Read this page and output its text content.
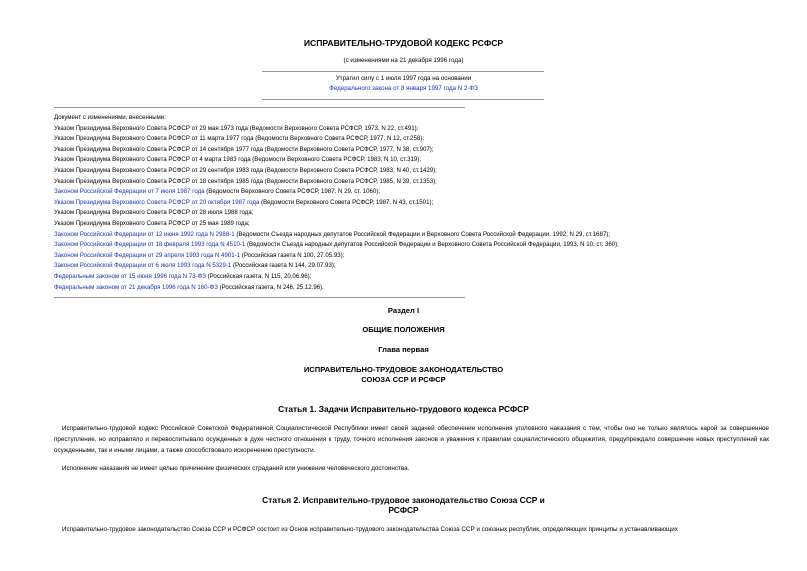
ИСПРАВИТЕЛЬНО-ТРУДОВОЙ КОДЕКС РСФСР
(с изменениями на 21 декабря 1996 года)
Утратил силу с 1 июля 1997 года на основании
Федерального закона от 8 января 1997 года N 2-ФЗ
Документ с изменениями, внесенными:
Указом Президиума Верховного Совета РСФСР от 29 мая 1973 года (Ведомости Верховного Совета РСФСР, 1973, N 22, ст.491);
Указом Президиума Верховного Совета РСФСР от 11 марта 1977 года (Ведомости Верховного Совета РСФСР, 1977, N 12, ст.258);
Указом Президиума Верховного Совета РСФСР от 14 сентября 1977 года (Ведомости Верховного Совета РСФСР, 1977, N 38, ст.907);
Указом Президиума Верховного Совета РСФСР от 4 марта 1983 года (Ведомости Верховного Совета РСФСР, 1983, N 10, ст.319);
Указом Президиума Верховного Совета РСФСР от 29 сентября 1983 года (Ведомости Верховного Совета РСФСР, 1983, N 40, ст.1429);
Указом Президиума Верховного Совета РСФСР от 18 сентября 1985 года (Ведомости Верховного Совета РСФСР, 1985, N 39, ст.1353);
Законом Российской Федерации от 7 июля 1987 года (Ведомости Верховного Совета РСФСР, 1987, N 29, ст. 1060);
Указом Президиума Верховного Совета РСФСР от 20 октября 1987 года (Ведомости Верховного Совета РСФСР, 1987, N 43, ст.1501);
Указом Президиума Верховного Совета РСФСР от 28 июля 1988 года;
Указом Президиума Верховного Совета РСФСР от 25 мая 1989 года;
Законом Российской Федерации от 12 июня 1992 года N 2988-1 (Ведомости Съезда народных депутатов Российской Федерации и Верховного Совета Российской Федерации, 1992, N 29, ст.1687);
Законом Российской Федерации от 18 февраля 1993 года N 4510-1 (Ведомости Съезда народных депутатов Российской Федерации и Верховного Совета Российской Федерации, 1993, N 10, ст. 360);
Законом Российской Федерации от 29 апреля 1993 года N 4901-1 (Российская газета N 100, 27.05.93);
Законом Российской Федерации от 6 июля 1993 года N 5329-1 (Российская газета N 144, 29.07.93);
Федеральным законом от 15 июня 1996 года N 73-ФЗ (Российская газета, N 115, 20.06.96);
Федеральным законом от 21 декабря 1996 года N 160-ФЗ (Российская газета, N 246, 25.12.96).
Раздел I
ОБЩИЕ ПОЛОЖЕНИЯ
Глава первая
ИСПРАВИТЕЛЬНО-ТРУДОВОЕ ЗАКОНОДАТЕЛЬСТВО
СОЮЗА ССР И РСФСР
Статья 1. Задачи Исправительно-трудового кодекса РСФСР
Исправительно-трудовой кодекс Российской Советской Федеративной Социалистической Республики имеет своей задачей обеспечение исполнения уголовного наказания с тем, чтобы оно не только являлось карой за совершенное преступление, но исправляло и перевоспитывало осужденных в духе честного отношения к труду, точного исполнения законов и уважения к правилам социалистического общежития, предупреждало совершение новых преступлений как осужденными, так и иными лицами, а также способствовало искоренению преступности.
Исполнение наказания не имеет целью причинение физических страданий или унижение человеческого достоинства.
Статья 2. Исправительно-трудовое законодательство Союза ССР и
РСФСР
Исправительно-трудовое законодательство Союза ССР и РСФСР состоит из Основ исправительно-трудового законодательства Союза ССР и союзных республик, определяющих принципы и устанавливающих
